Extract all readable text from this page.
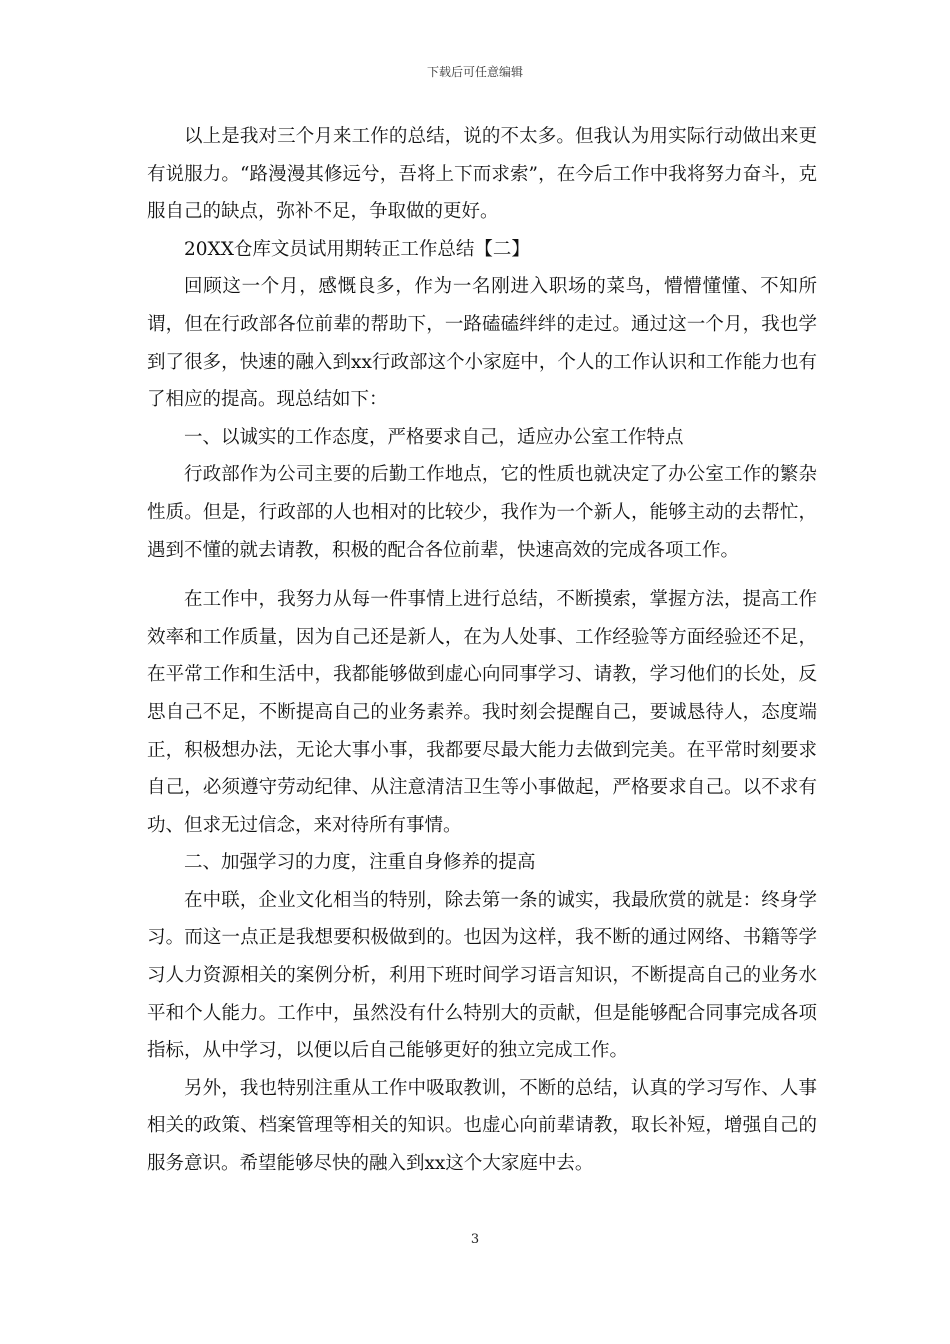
下载后可任意编辑

以上是我对三个月来工作的总结，说的不太多。但我认为用实际行动做出来更有说服力。“路漫漫其修远兮，吾将上下而求索”，在今后工作中我将努力奋斗，克服自己的缺点，弥补不足，争取做的更好。

20XX仓库文员试用期转正工作总结【二】

回顾这一个月，感慨良多，作为一名刚进入职场的菜鸟，懵懵懂懂、不知所谓，但在行政部各位前辈的帮助下，一路磕磕绊绊的走过。通过这一个月，我也学到了很多，快速的融入到xx行政部这个小家庭中，个人的工作认识和工作能力也有了相应的提高。现总结如下：

一、以诚实的工作态度，严格要求自己，适应办公室工作特点

行政部作为公司主要的后勤工作地点，它的性质也就决定了办公室工作的繁杂性质。但是，行政部的人也相对的比较少，我作为一个新人，能够主动的去帮忙，遇到不懂的就去请教，积极的配合各位前辈，快速高效的完成各项工作。

在工作中，我努力从每一件事情上进行总结，不断摸索，掌握方法，提高工作效率和工作质量，因为自己还是新人，在为人处事、工作经验等方面经验还不足，在平常工作和生活中，我都能够做到虚心向同事学习、请教，学习他们的长处，反思自己不足，不断提高自己的业务素养。我时刻会提醒自己，要诚恳待人，态度端正，积极想办法，无论大事小事，我都要尽最大能力去做到完美。在平常时刻要求自己，必须遵守劳动纪律、从注意清洁卫生等小事做起，严格要求自己。以不求有功、但求无过信念，来对待所有事情。

二、加强学习的力度，注重自身修养的提高

在中联，企业文化相当的特别，除去第一条的诚实，我最欣赏的就是：终身学习。而这一点正是我想要积极做到的。也因为这样，我不断的通过网络、书籍等学习人力资源相关的案例分析，利用下班时间学习语言知识，不断提高自己的业务水平和个人能力。工作中，虽然没有什么特别大的贡献，但是能够配合同事完成各项指标，从中学习，以便以后自己能够更好的独立完成工作。

另外，我也特别注重从工作中吸取教训，不断的总结，认真的学习写作、人事相关的政策、档案管理等相关的知识。也虚心向前辈请教，取长补短，增强自己的服务意识。希望能够尽快的融入到xx这个大家庭中去。

3
